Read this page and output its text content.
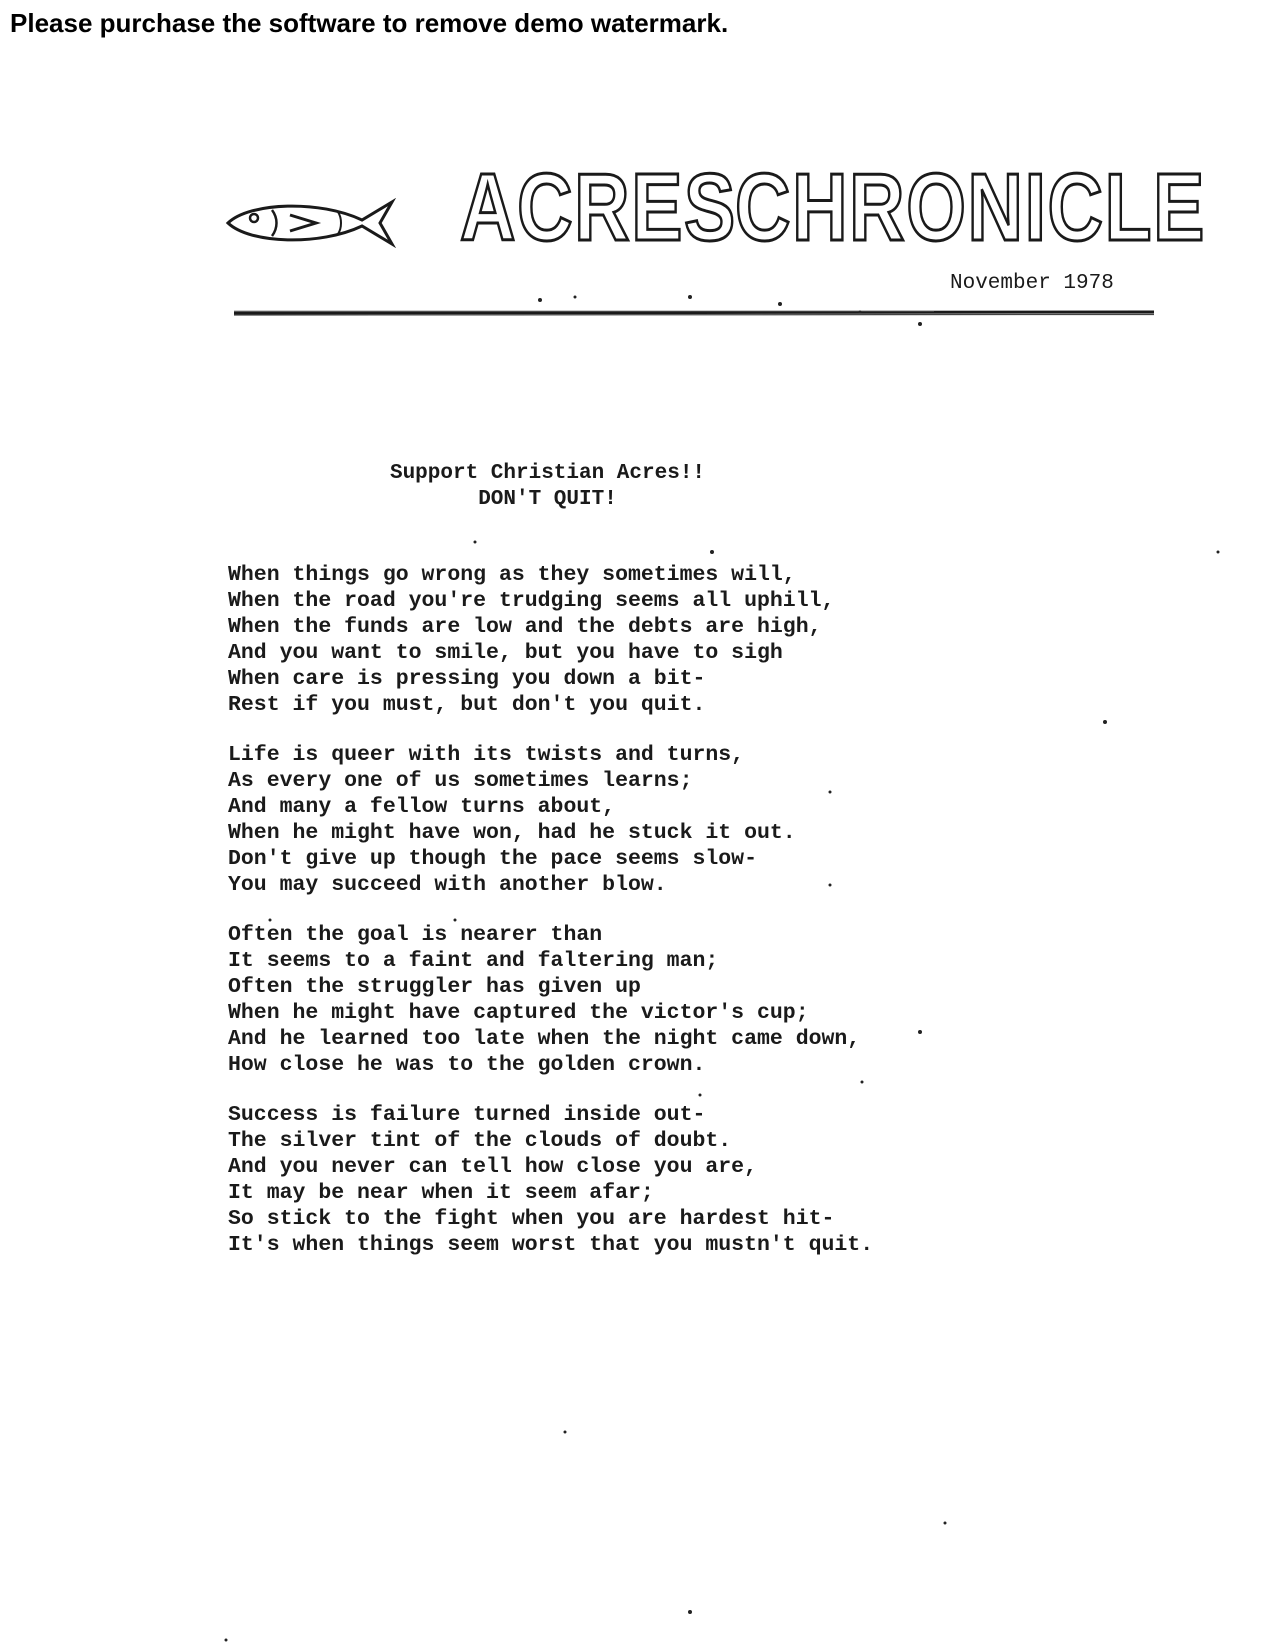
Please purchase the software to remove demo watermark.
ACRES
CHRONICLE
November 1978
Support Christian Acres!!
DON'T QUIT!
When things go wrong as they sometimes will,
When the road you're trudging seems all uphill,
When the funds are low and the debts are high,
And you want to smile, but you have to sigh
When care is pressing you down a bit-
Rest if you must, but don't you quit.
Life is queer with its twists and turns,
As every one of us sometimes learns;
And many a fellow turns about,
When he might have won, had he stuck it out.
Don't give up though the pace seems slow-
You may succeed with another blow.
Often the goal is nearer than
It seems to a faint and faltering man;
Often the struggler has given up
When he might have captured the victor's cup;
And he learned too late when the night came down,
How close he was to the golden crown.
Success is failure turned inside out-
The silver tint of the clouds of doubt.
And you never can tell how close you are,
It may be near when it seem afar;
So stick to the fight when you are hardest hit-
It's when things seem worst that you mustn't quit.
